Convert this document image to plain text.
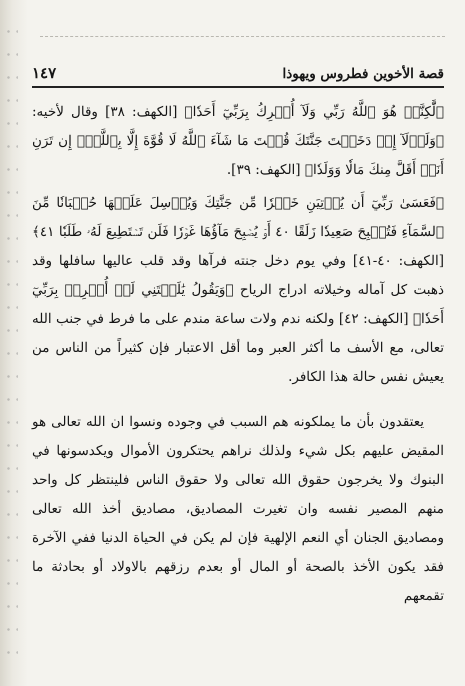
قصة الأخوين فطروس ويهوذا
١٤٧

﴿لَّٰكِنَّا۠ هُوَ ٱللَّهُ رَبِّي وَلَآ أُشۡرِكُ بِرَبِّيٓ أَحَدٗا﴾ [الكهف: ٣٨] وقال لأخيه: ﴿وَلَوۡلَآ إِذۡ دَخَلۡتَ جَنَّتَكَ قُلۡتَ مَا شَآءَ ٱللَّهُ لَا قُوَّةَ إِلَّا بِٱللَّهِۚ إِن تَرَنِ أَنَا۠ أَقَلَّ مِنكَ مَالٗا وَوَلَدٗا﴾ [الكهف: ٣٩].

﴿فَعَسَىٰ رَبِّيٓ أَن يُؤۡتِيَنِ خَيۡرٗا مِّن جَنَّتِكَ وَيُرۡسِلَ عَلَيۡهَا حُسۡبَانٗا مِّنَ ٱلسَّمَآءِ فَتُصۡبِحَ صَعِيدٗا زَلَقًا ٤٠ أَوۡ يُصۡبِحَ مَآؤُهَا غَوۡرٗا فَلَن تَسۡتَطِيعَ لَهُۥ طَلَبٗا ٤١﴾ [الكهف: ٤٠-٤١] وفي يوم دخل جنته فرآها وقد قلب عاليها سافلها وقد ذهبت كل آماله وخيلاته ادراج الرياح ﴿وَيَقُولُ يَٰلَيۡتَنِي لَمۡ أُشۡرِكۡ بِرَبِّيٓ أَحَدٗا﴾ [الكهف: ٤٢] ولكنه ندم ولات ساعة مندم على ما فرط في جنب الله تعالى، مع الأسف ما أكثر العبر وما أقل الاعتبار فإن كثيراً من الناس من يعيش نفس حالة هذا الكافر.

يعتقدون بأن ما يملكونه هم السبب في وجوده ونسوا ان الله تعالى هو المقيض عليهم بكل شيء ولذلك نراهم يحتكرون الأموال ويكدسونها في البنوك ولا يخرجون حقوق الله تعالى ولا حقوق الناس فلينتظر كل واحد منهم المصير نفسه وان تغيرت المصاديق، مصاديق أخذ الله تعالى ومصاديق الجنان أي النعم الإلهية فإن لم يكن في الحياة الدنيا ففي الآخرة فقد يكون الأخذ بالصحة أو المال أو بعدم رزقهم بالاولاد أو بحادثة ما تقمعهم
